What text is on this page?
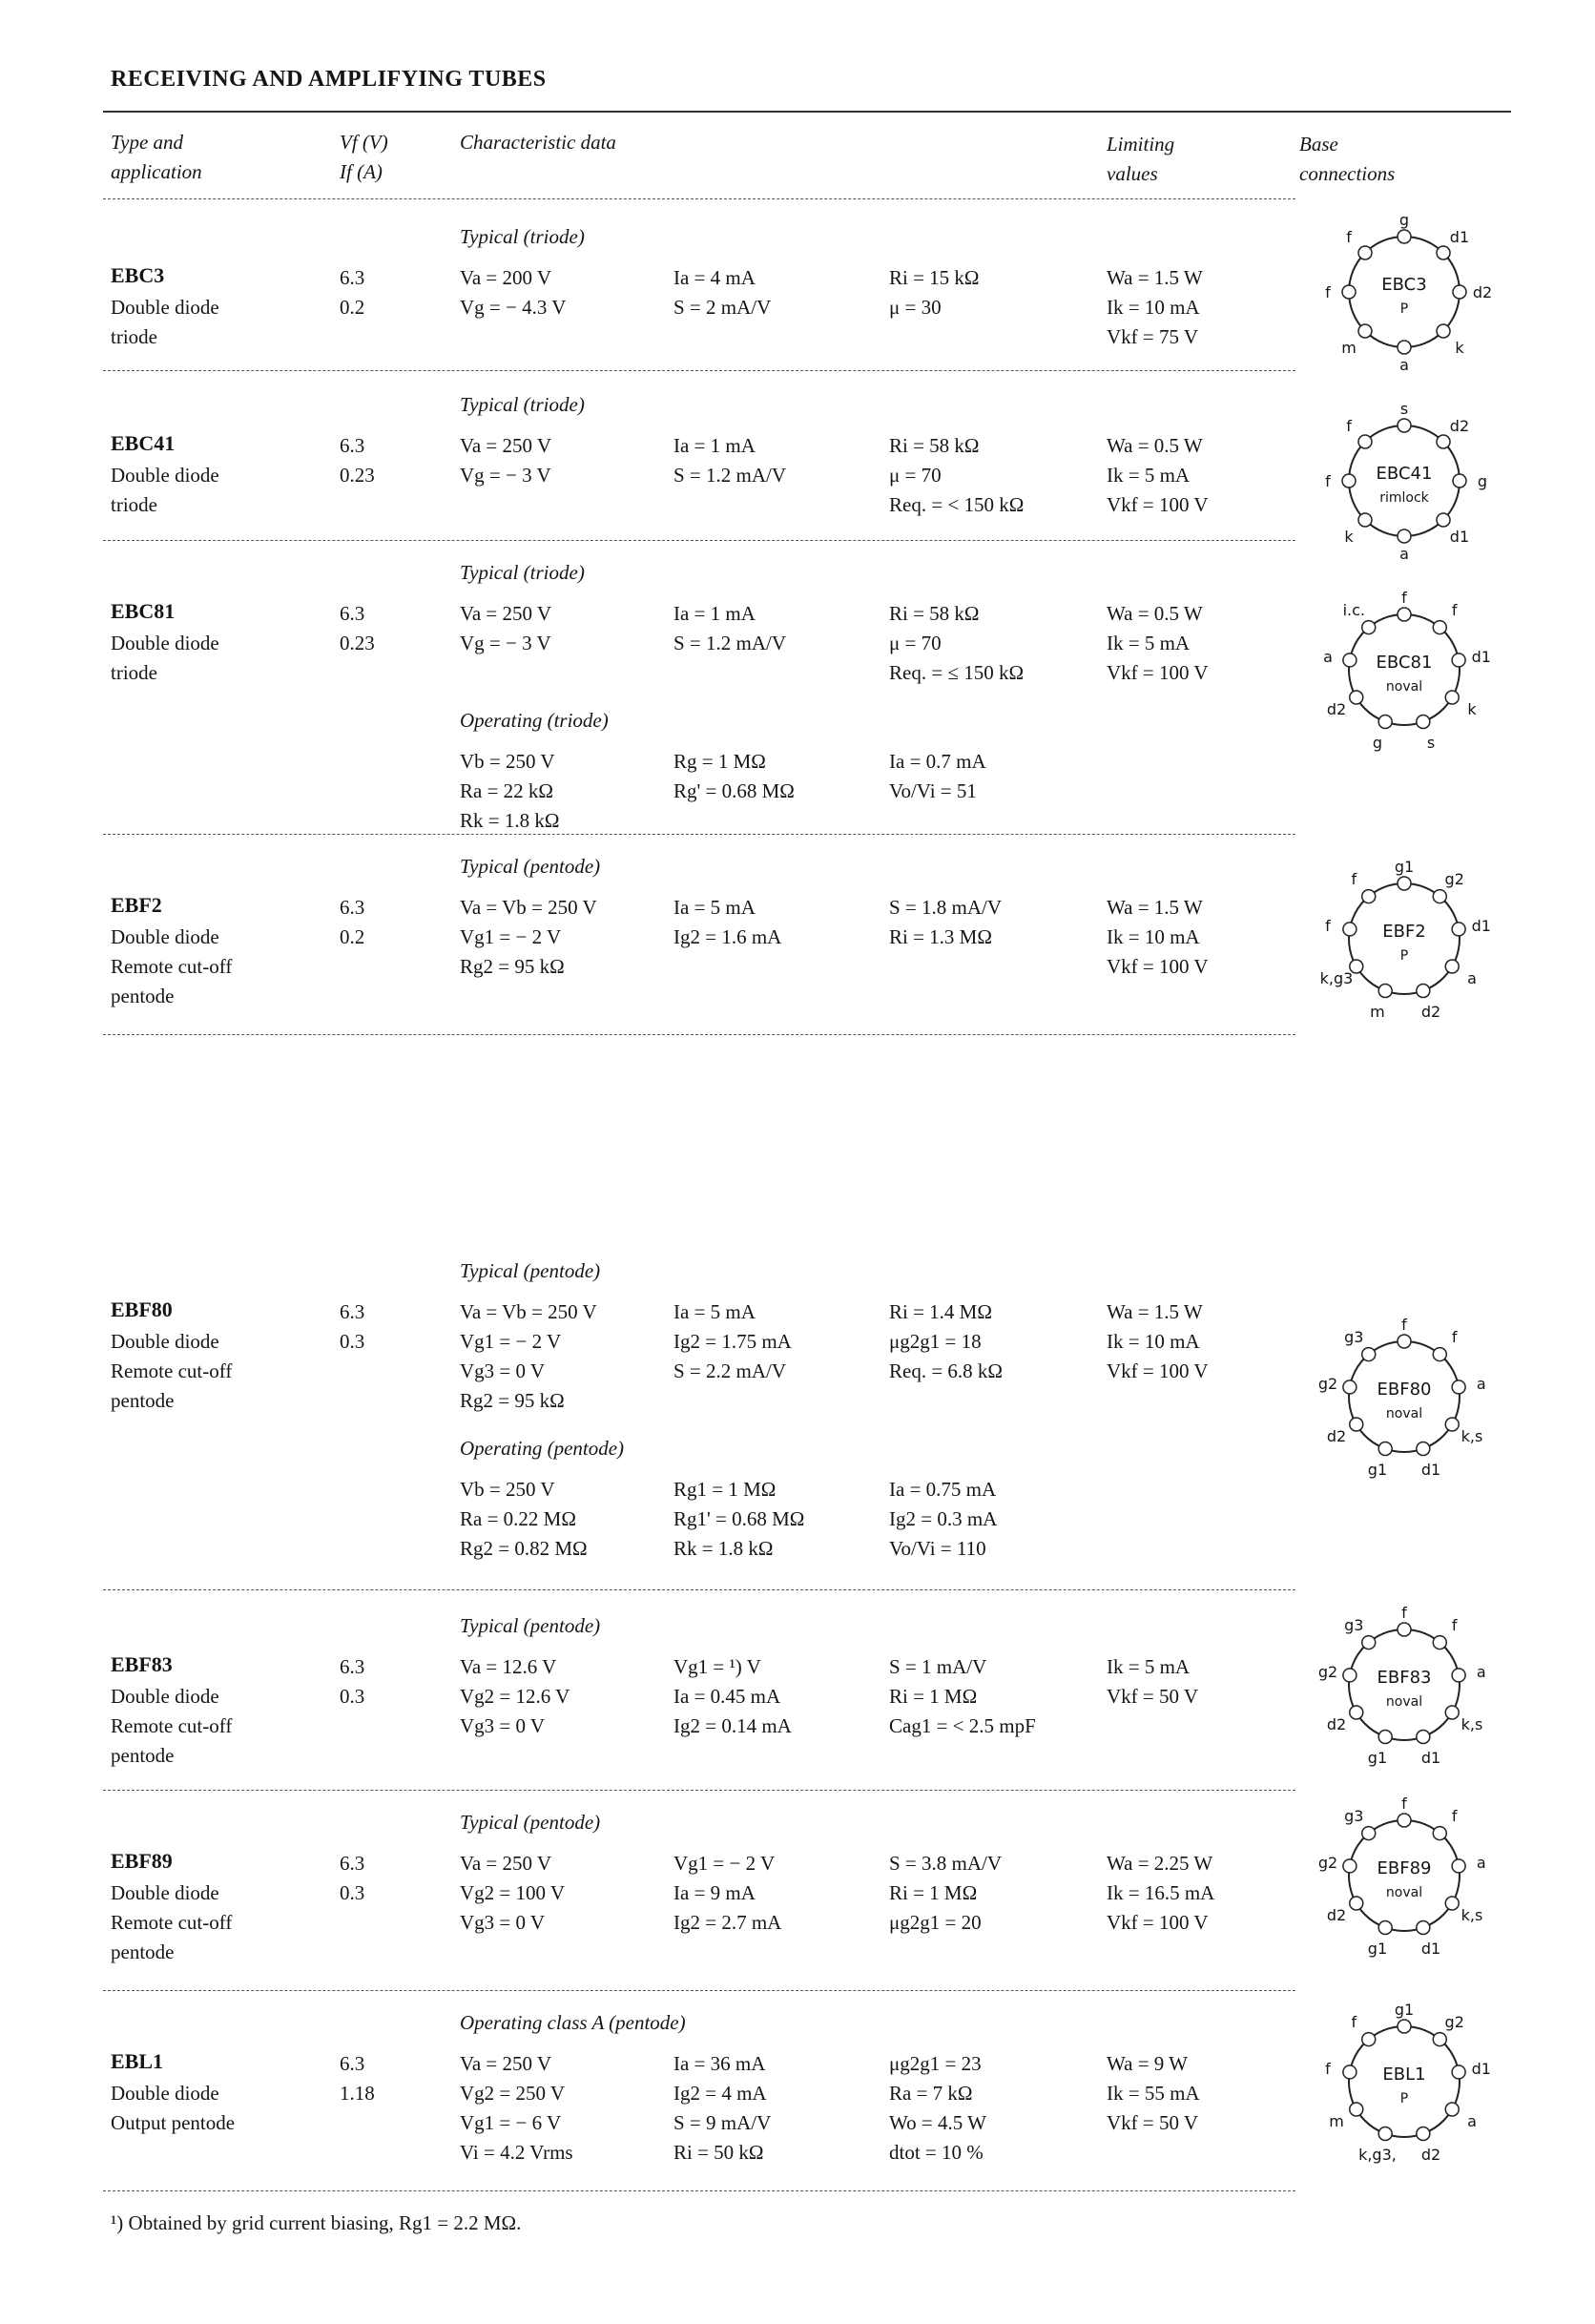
RECEIVING AND AMPLIFYING TUBES
Type and
application
Vf (V)
If (A)
Characteristic data	Limiting
values
Base
connections
Typical (triode)
Va = 200 V
Vg = − 4.3 V
Ia = 4 mA
S = 2 mA/V
Ri = 15 kΩ
μ = 30
EBC3
Double diode
triode
6.3
0.2
Wa = 1.5 W
Ik = 10 mA
Vkf = 75 V
EBC3
P
g
d1
d2
k
a
m
f
f
Typical (triode)
Va = 250 V
Vg = − 3 V
Ia = 1 mA
S = 1.2 mA/V
Ri = 58 kΩ
μ = 70
Req. = < 150 kΩ
EBC41
Double diode
triode
6.3
0.23
Wa = 0.5 W
Ik = 5 mA
Vkf = 100 V
EBC41
rimlock
s
d2
g
d1
a
k
f
f
Typical (triode)
Va = 250 V
Vg = − 3 V
Ia = 1 mA
S = 1.2 mA/V
Ri = 58 kΩ
μ = 70
Req. = ≤ 150 kΩ
EBC81
Double diode
triode
6.3
0.23
Wa = 0.5 W
Ik = 5 mA
Vkf = 100 V
Operating (triode)
Vb = 250 V
Ra = 22 kΩ
Rk = 1.8 kΩ
Rg = 1 MΩ
Rg' = 0.68 MΩ
Ia = 0.7 mA
Vo/Vi = 51
EBC81
noval
f
f
d1
k
s
g
d2
a
i.c.
Typical (pentode)
Va = Vb = 250 V
Vg1 = − 2 V
Rg2 = 95 kΩ
Ia = 5 mA
Ig2 = 1.6 mA
S = 1.8 mA/V
Ri = 1.3 MΩ
EBF2
Double diode
Remote cut-off
pentode
6.3
0.2
Wa = 1.5 W
Ik = 10 mA
Vkf = 100 V
EBF2
P
g1
g2
d1
a
d2
m
k,g3
f
f
Typical (pentode)
Va = Vb = 250 V
Vg1 = − 2 V
Vg3 = 0 V
Rg2 = 95 kΩ
Ia = 5 mA
Ig2 = 1.75 mA
S = 2.2 mA/V
Ri = 1.4 MΩ
μg2g1 = 18
Req. = 6.8 kΩ
EBF80
Double diode
Remote cut-off
pentode
6.3
0.3
Wa = 1.5 W
Ik = 10 mA
Vkf = 100 V
Operating (pentode)
Vb = 250 V
Ra = 0.22 MΩ
Rg2 = 0.82 MΩ
Rg1 = 1 MΩ
Rg1' = 0.68 MΩ
Rk = 1.8 kΩ
Ia = 0.75 mA
Ig2 = 0.3 mA
Vo/Vi = 110
EBF80
noval
f
f
a
k,s
d1
g1
d2
g2
g3
Typical (pentode)
Va = 12.6 V
Vg2 = 12.6 V
Vg3 = 0 V
Vg1 = ¹) V
Ia = 0.45 mA
Ig2 = 0.14 mA
S = 1 mA/V
Ri = 1 MΩ
Cag1 = < 2.5 mpF
EBF83
Double diode
Remote cut-off
pentode
6.3
0.3
Ik = 5 mA
Vkf = 50 V
EBF83
noval
f
f
a
k,s
d1
g1
d2
g2
g3
Typical (pentode)
Va = 250 V
Vg2 = 100 V
Vg3 = 0 V
Vg1 = − 2 V
Ia = 9 mA
Ig2 = 2.7 mA
S = 3.8 mA/V
Ri = 1 MΩ
μg2g1 = 20
EBF89
Double diode
Remote cut-off
pentode
6.3
0.3
Wa = 2.25 W
Ik = 16.5 mA
Vkf = 100 V
EBF89
noval
f
f
a
k,s
d1
g1
d2
g2
g3
Operating class A (pentode)
Va = 250 V
Vg2 = 250 V
Vg1 = − 6 V
Vi = 4.2 Vrms
Ia = 36 mA
Ig2 = 4 mA
S = 9 mA/V
Ri = 50 kΩ
μg2g1 = 23
Ra = 7 kΩ
Wo = 4.5 W
dtot = 10 %
EBL1
Double diode
Output pentode
6.3
1.18
Wa = 9 W
Ik = 55 mA
Vkf = 50 V
EBL1
P
g1
g2
d1
a
d2
k,g3,
m
f
f
¹) Obtained by grid current biasing, Rg1 = 2.2 MΩ.
